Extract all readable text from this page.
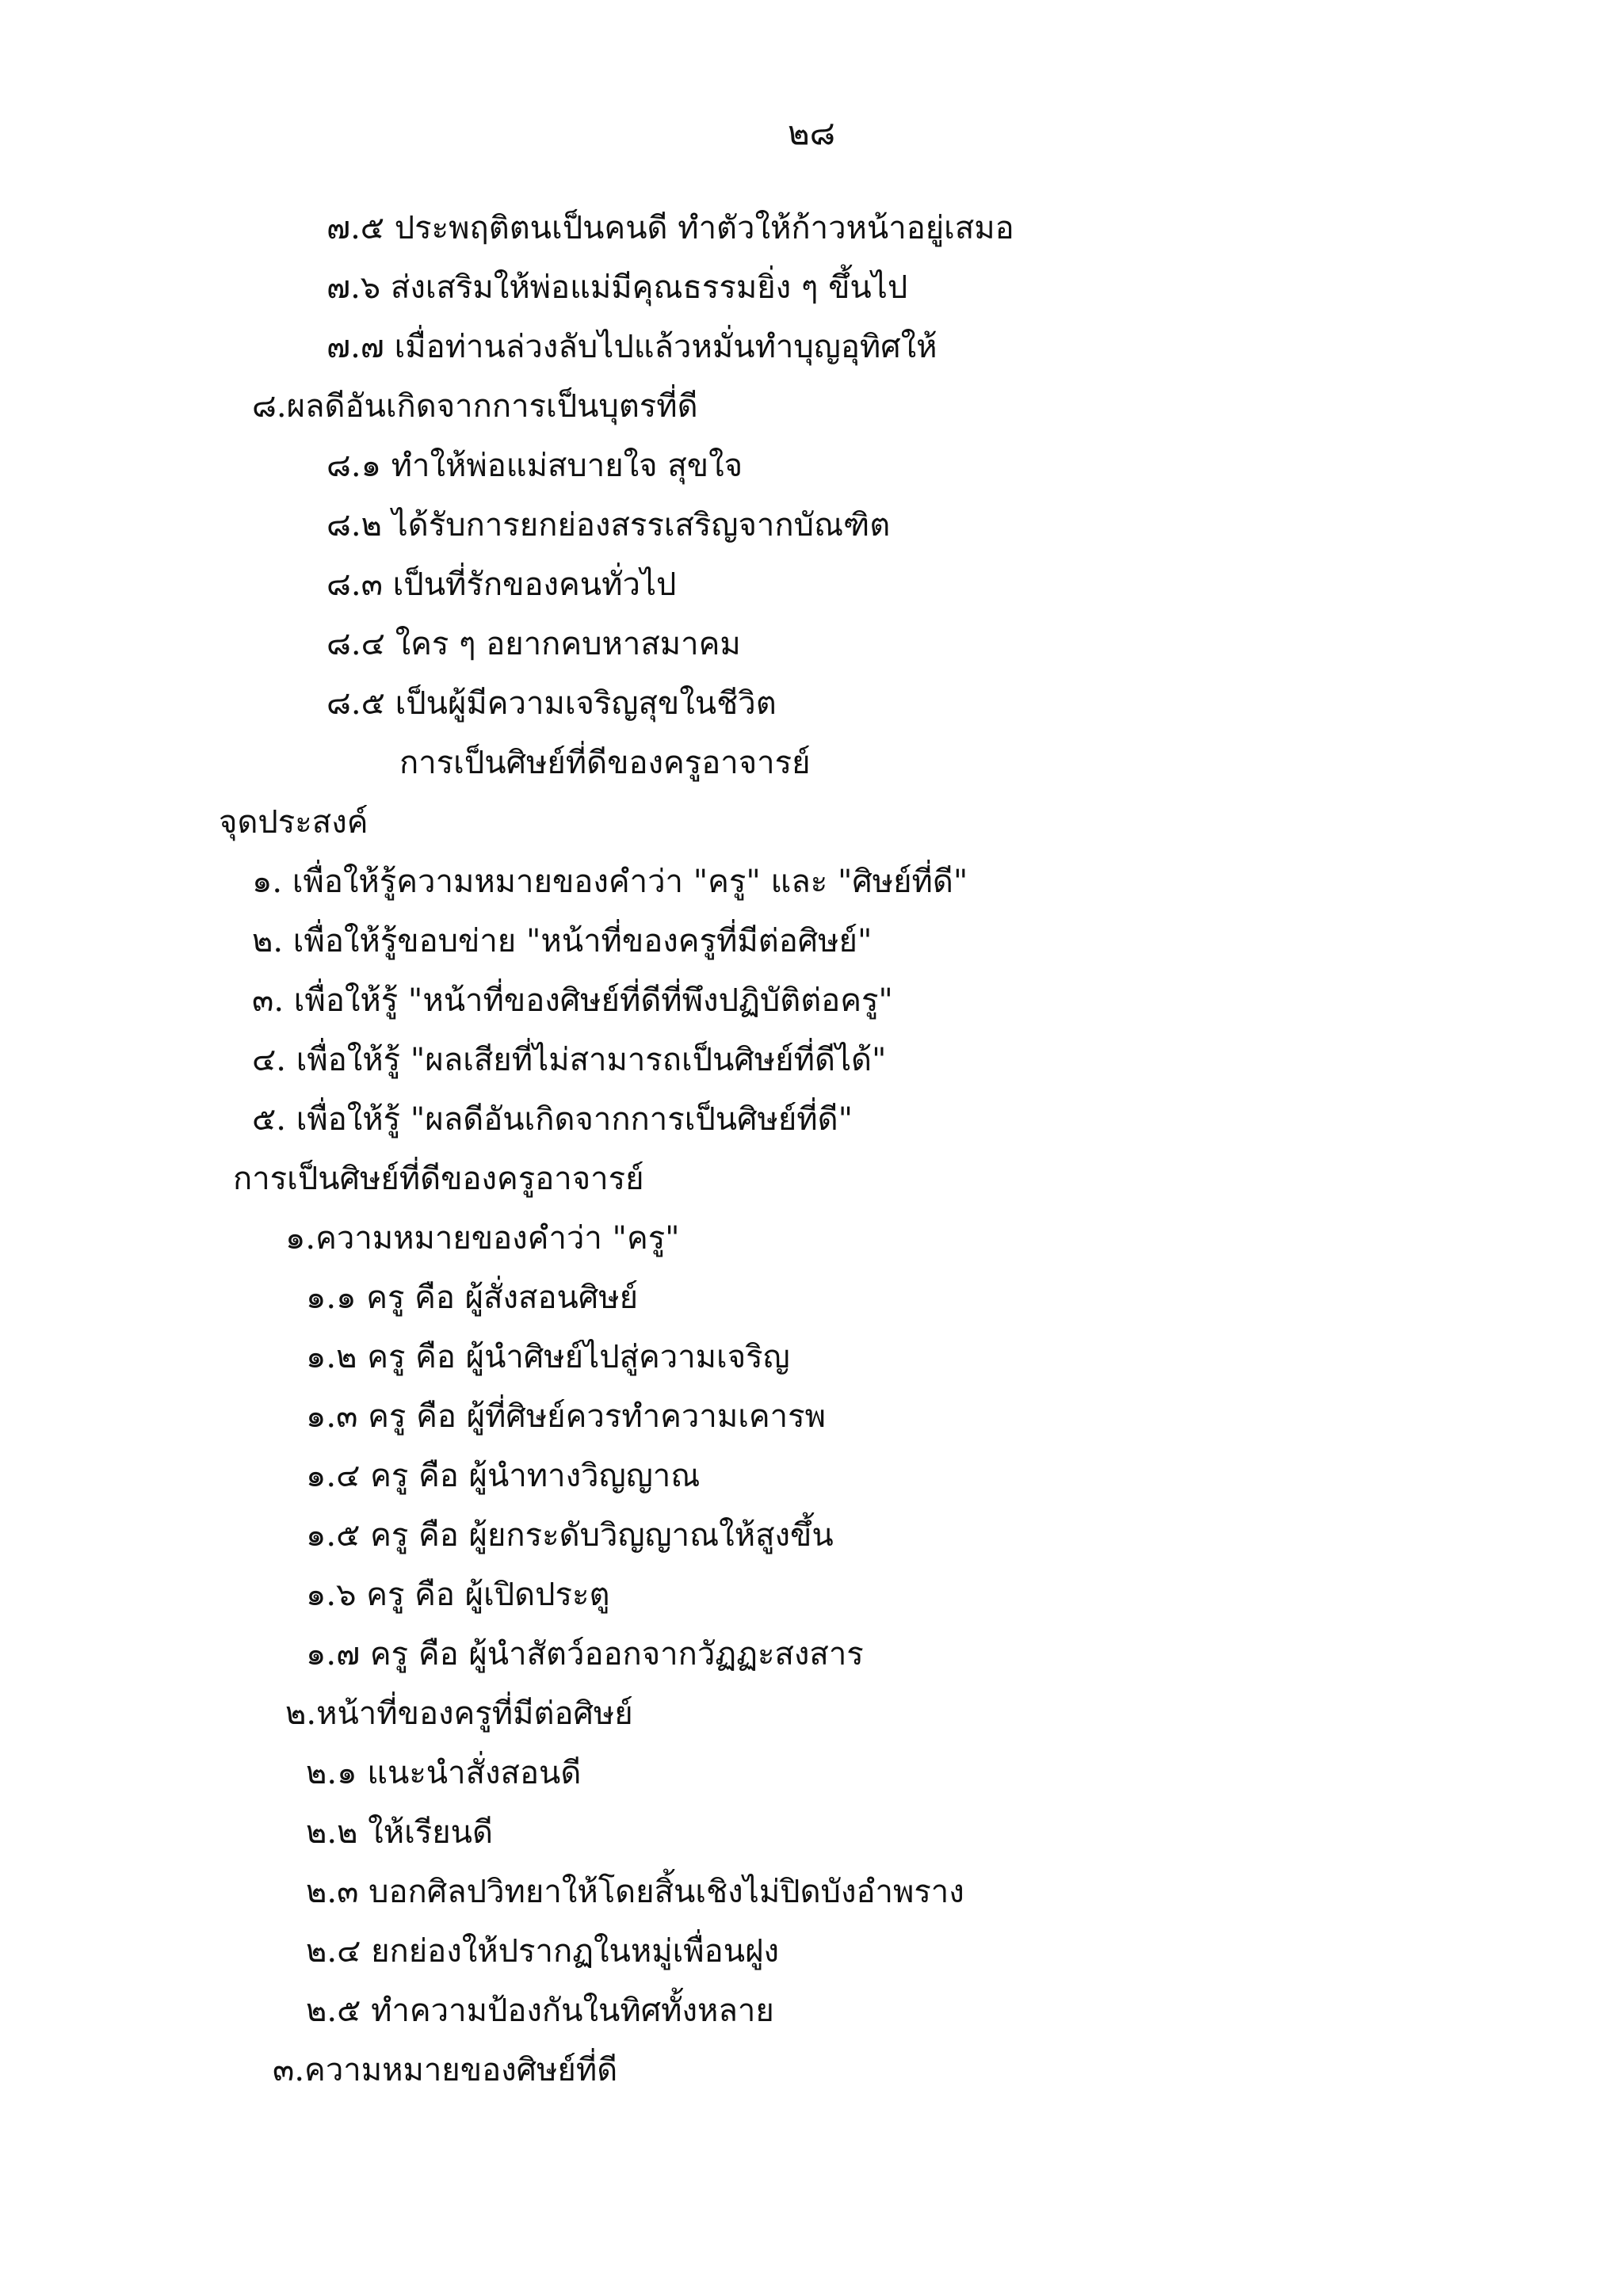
๒๘
๗.๕ ประพฤติตนเป็นคนดี ทำตัวให้ก้าวหน้าอยู่เสมอ
๗.๖ ส่งเสริมให้พ่อแม่มีคุณธรรมยิ่ง ๆ ขึ้นไป
๗.๗ เมื่อท่านล่วงลับไปแล้วหมั่นทำบุญอุทิศให้
๘.ผลดีอันเกิดจากการเป็นบุตรที่ดี
๘.๑ ทำให้พ่อแม่สบายใจ สุขใจ
๘.๒ ได้รับการยกย่องสรรเสริญจากบัณฑิต
๘.๓ เป็นที่รักของคนทั่วไป
๘.๔ ใคร ๆ อยากคบหาสมาคม
๘.๕ เป็นผู้มีความเจริญสุขในชีวิต
การเป็นศิษย์ที่ดีของครูอาจารย์
จุดประสงค์
๑. เพื่อให้รู้ความหมายของคำว่า "ครู" และ "ศิษย์ที่ดี"
๒. เพื่อให้รู้ขอบข่าย "หน้าที่ของครูที่มีต่อศิษย์"
๓. เพื่อให้รู้ "หน้าที่ของศิษย์ที่ดีที่พึงปฏิบัติต่อครู"
๔. เพื่อให้รู้ "ผลเสียที่ไม่สามารถเป็นศิษย์ที่ดีได้"
๕. เพื่อให้รู้ "ผลดีอันเกิดจากการเป็นศิษย์ที่ดี"
การเป็นศิษย์ที่ดีของครูอาจารย์
๑.ความหมายของคำว่า "ครู"
๑.๑ ครู คือ ผู้สั่งสอนศิษย์
๑.๒ ครู คือ ผู้นำศิษย์ไปสู่ความเจริญ
๑.๓ ครู คือ ผู้ที่ศิษย์ควรทำความเคารพ
๑.๔ ครู คือ ผู้นำทางวิญญาณ
๑.๕ ครู คือ ผู้ยกระดับวิญญาณให้สูงขึ้น
๑.๖ ครู คือ ผู้เปิดประตู
๑.๗ ครู คือ ผู้นำสัตว์ออกจากวัฏฏะสงสาร
๒.หน้าที่ของครูที่มีต่อศิษย์
๒.๑ แนะนำสั่งสอนดี
๒.๒ ให้เรียนดี
๒.๓ บอกศิลปวิทยาให้โดยสิ้นเชิงไม่ปิดบังอำพราง
๒.๔ ยกย่องให้ปรากฏในหมู่เพื่อนฝูง
๒.๕ ทำความป้องกันในทิศทั้งหลาย
๓.ความหมายของศิษย์ที่ดี
